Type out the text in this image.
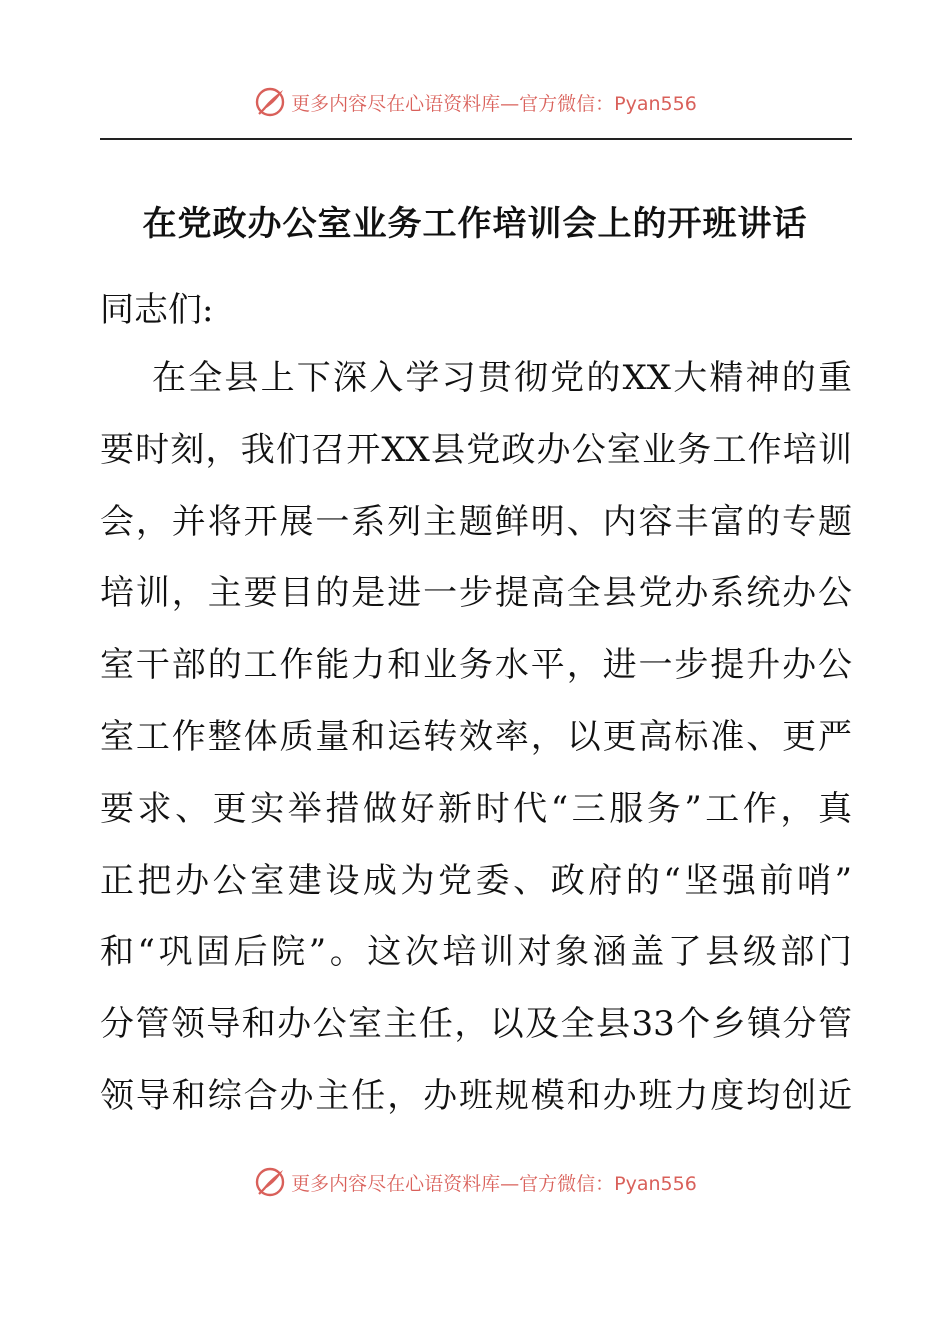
更多内容尽在心语资料库—官方微信：Pyan556
在党政办公室业务工作培训会上的开班讲话
同志们:
在全县上下深入学习贯彻党的XX大精神的重
要时刻，我们召开XX县党政办公室业务工作培训
会，并将开展一系列主题鲜明、内容丰富的专题
培训，主要目的是进一步提高全县党办系统办公
室干部的工作能力和业务水平，进一步提升办公
室工作整体质量和运转效率，以更高标准、更严
要求、更实举措做好新时代“三服务”工作，真
正把办公室建设成为党委、政府的“坚强前哨”
和“巩固后院”。这次培训对象涵盖了县级部门
分管领导和办公室主任，以及全县33个乡镇分管
领导和综合办主任，办班规模和办班力度均创近
更多内容尽在心语资料库—官方微信：Pyan556
